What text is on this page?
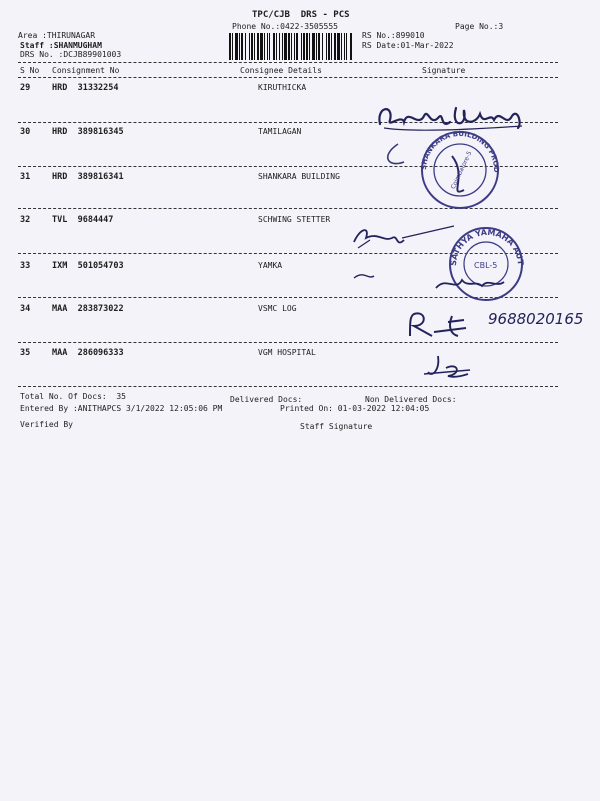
TPC/CJB  DRS - PCS
Phone No.:0422-3505555	Page No.:3
Area :THIRUNAGAR
Staff :SHANMUGHAM
DRS No. :DCJB89901003
RS No.:899010
RS Date:01-Mar-2022
S No Consignment No	Consignee Details	Signature
29	HRD  31332254	KIRUTHICKA
30	HRD  389816345	TAMILAGAN
31	HRD  389816341	SHANKARA BUILDING
32	TVL  9684447	SCHWING STETTER
33	IXM  501054703	YAMKA
34	MAA  283873022	VSMC LOG
35	MAA  286096333	VGM HOSPITAL
Total No. Of Docs:  35	Delivered Docs:	Non Delivered Docs:
Entered By :ANITHAPCS 3/1/2022 12:05:06 PM	Printed On: 01-03-2022 12:04:05
Verified By	Staff Signature
SHANKARA BUILDING PRODUCTS LTD
Coimbatore-5
SATHYA YAMAHA AUTO
CBL-5
9688020165
